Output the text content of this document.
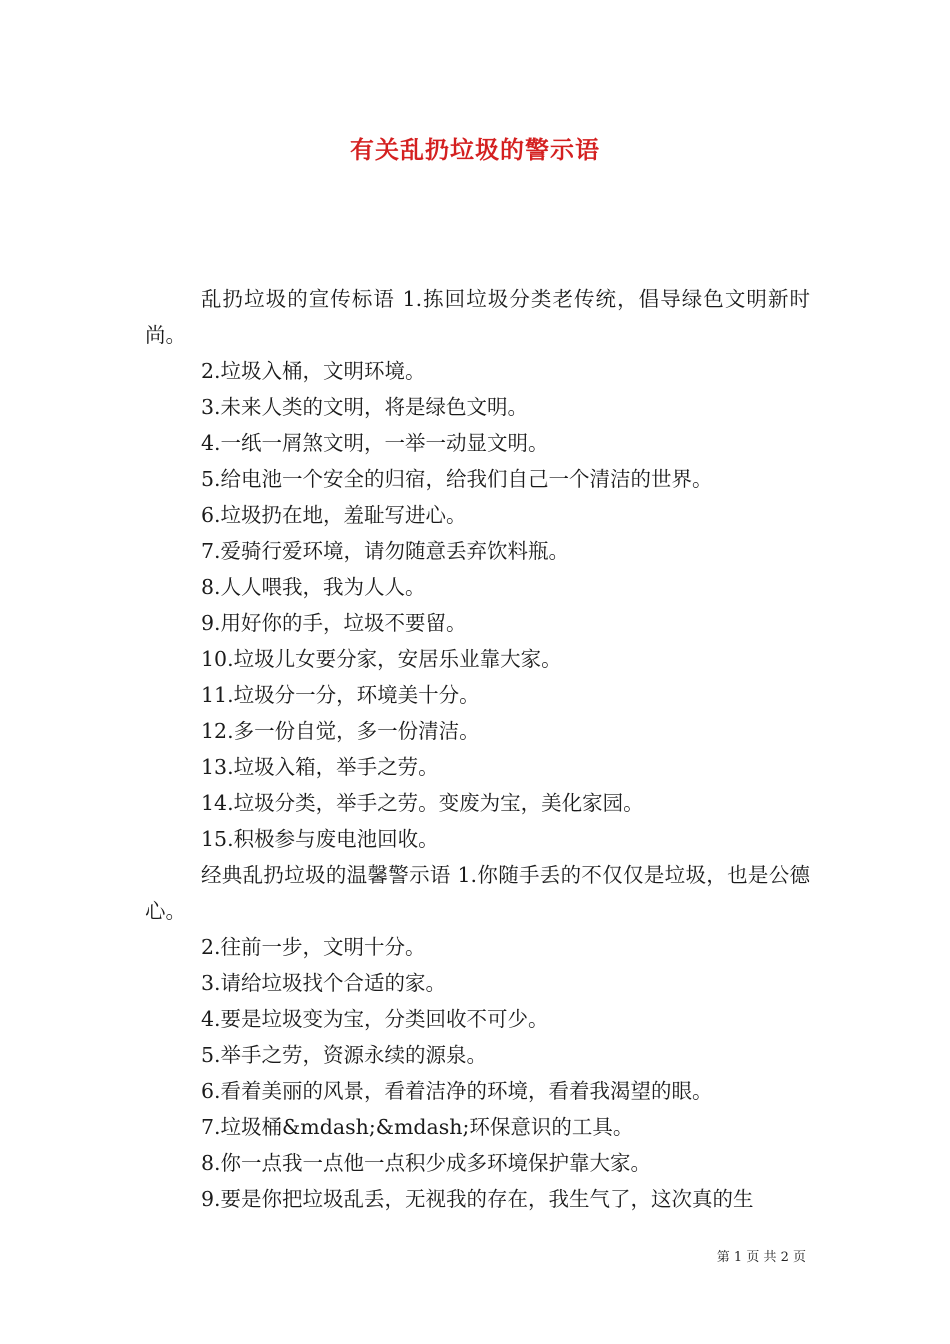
有关乱扔垃圾的警示语
乱扔垃圾的宣传标语 1.拣回垃圾分类老传统，倡导绿色文明新时尚。
2.垃圾入桶，文明环境。
3.未来人类的文明，将是绿色文明。
4.一纸一屑煞文明，一举一动显文明。
5.给电池一个安全的归宿，给我们自己一个清洁的世界。
6.垃圾扔在地，羞耻写进心。
7.爱骑行爱环境，请勿随意丢弃饮料瓶。
8.人人喂我，我为人人。
9.用好你的手，垃圾不要留。
10.垃圾儿女要分家，安居乐业靠大家。
11.垃圾分一分，环境美十分。
12.多一份自觉，多一份清洁。
13.垃圾入箱，举手之劳。
14.垃圾分类，举手之劳。变废为宝，美化家园。
15.积极参与废电池回收。
经典乱扔垃圾的温馨警示语 1.你随手丢的不仅仅是垃圾，也是公德心。
2.往前一步，文明十分。
3.请给垃圾找个合适的家。
4.要是垃圾变为宝，分类回收不可少。
5.举手之劳，资源永续的源泉。
6.看着美丽的风景，看着洁净的环境，看着我渴望的眼。
7.垃圾桶&mdash;&mdash;环保意识的工具。
8.你一点我一点他一点积少成多环境保护靠大家。
9.要是你把垃圾乱丢，无视我的存在，我生气了，这次真的生
第 1 页 共 2 页
